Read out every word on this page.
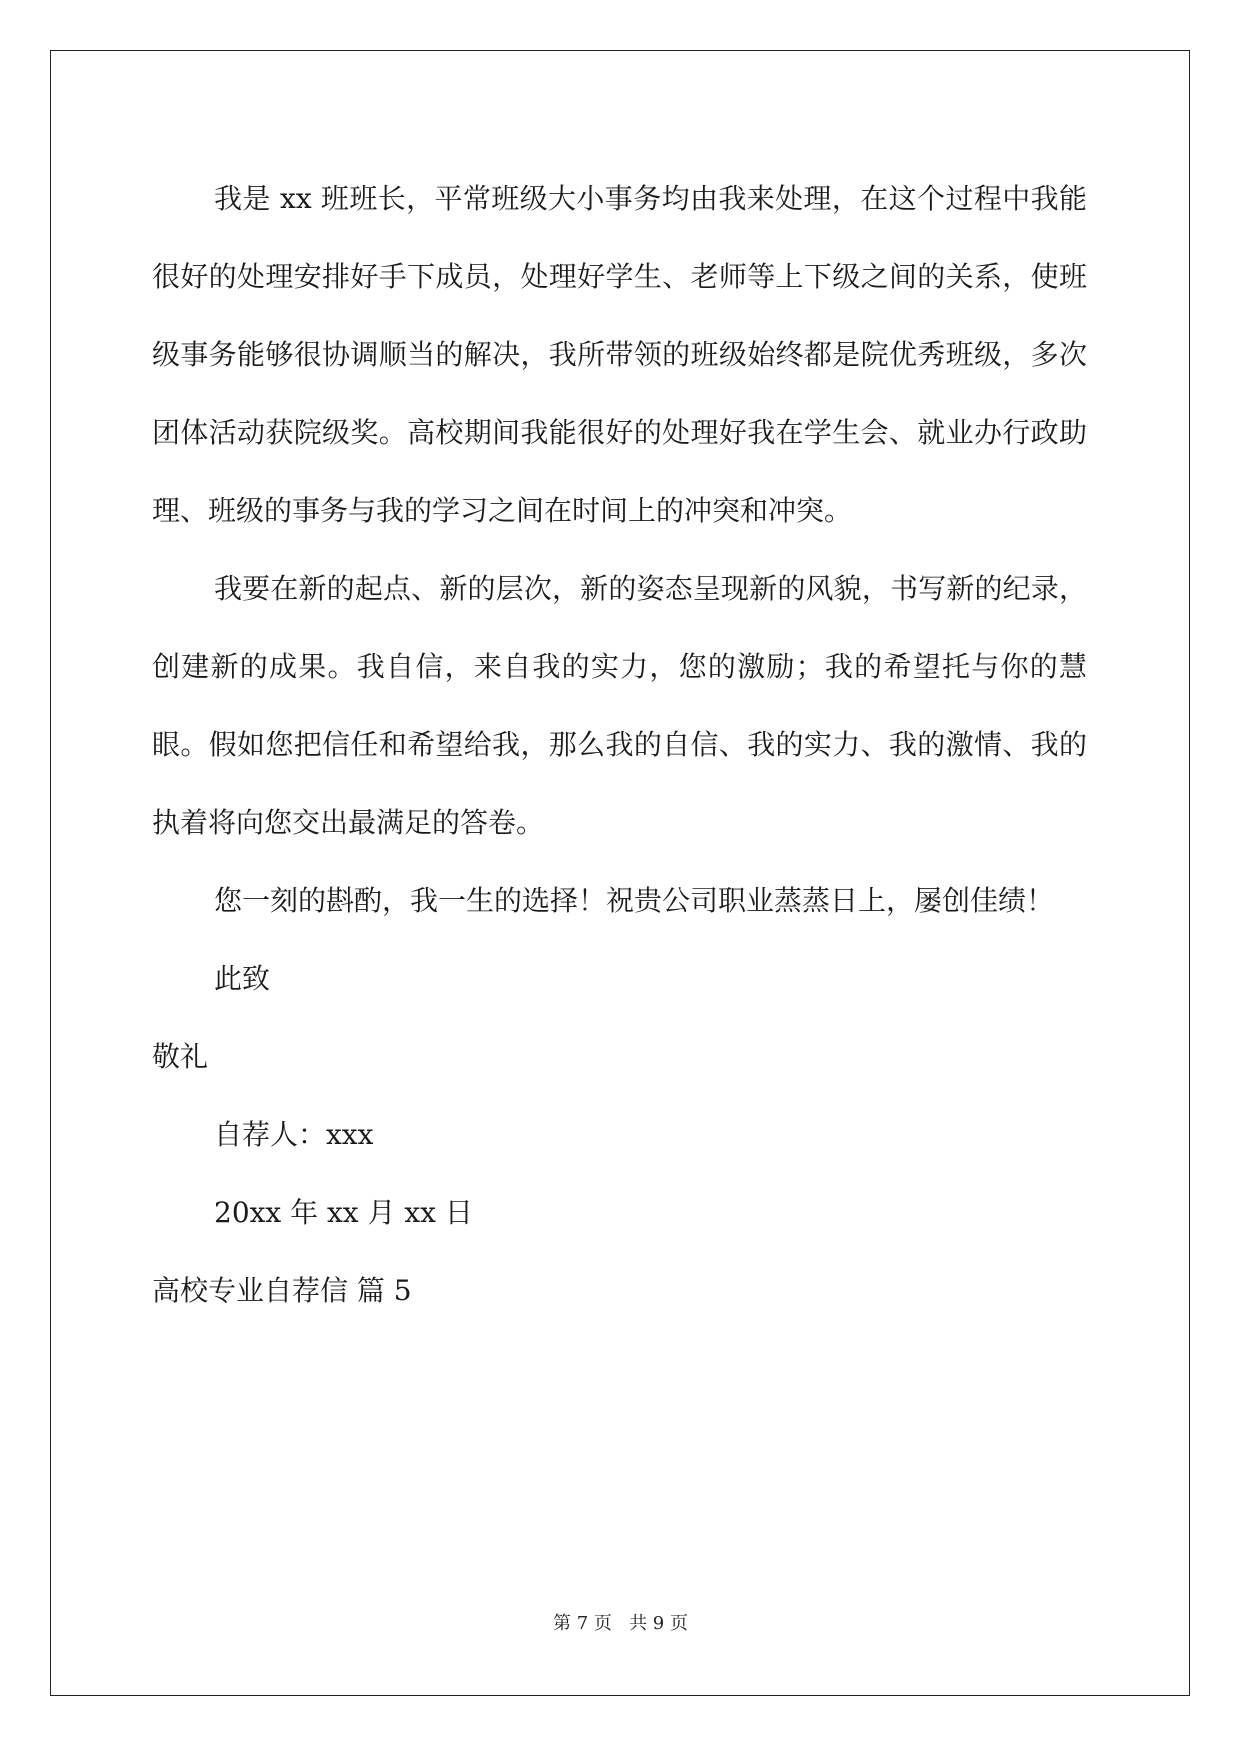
我是 xx 班班长，平常班级大小事务均由我来处理，在这个过程中我能很好的处理安排好手下成员，处理好学生、老师等上下级之间的关系，使班级事务能够很协调顺当的解决，我所带领的班级始终都是院优秀班级，多次团体活动获院级奖。高校期间我能很好的处理好我在学生会、就业办行政助理、班级的事务与我的学习之间在时间上的冲突和冲突。

我要在新的起点、新的层次，新的姿态呈现新的风貌，书写新的纪录，创建新的成果。我自信，来自我的实力，您的激励；我的希望托与你的慧眼。假如您把信任和希望给我，那么我的自信、我的实力、我的激情、我的执着将向您交出最满足的答卷。

您一刻的斟酌，我一生的选择！祝贵公司职业蒸蒸日上，屡创佳绩！

此致

敬礼

自荐人：xxx

20xx 年 xx 月 xx 日

高校专业自荐信 篇 5

第 7 页 共 9 页
